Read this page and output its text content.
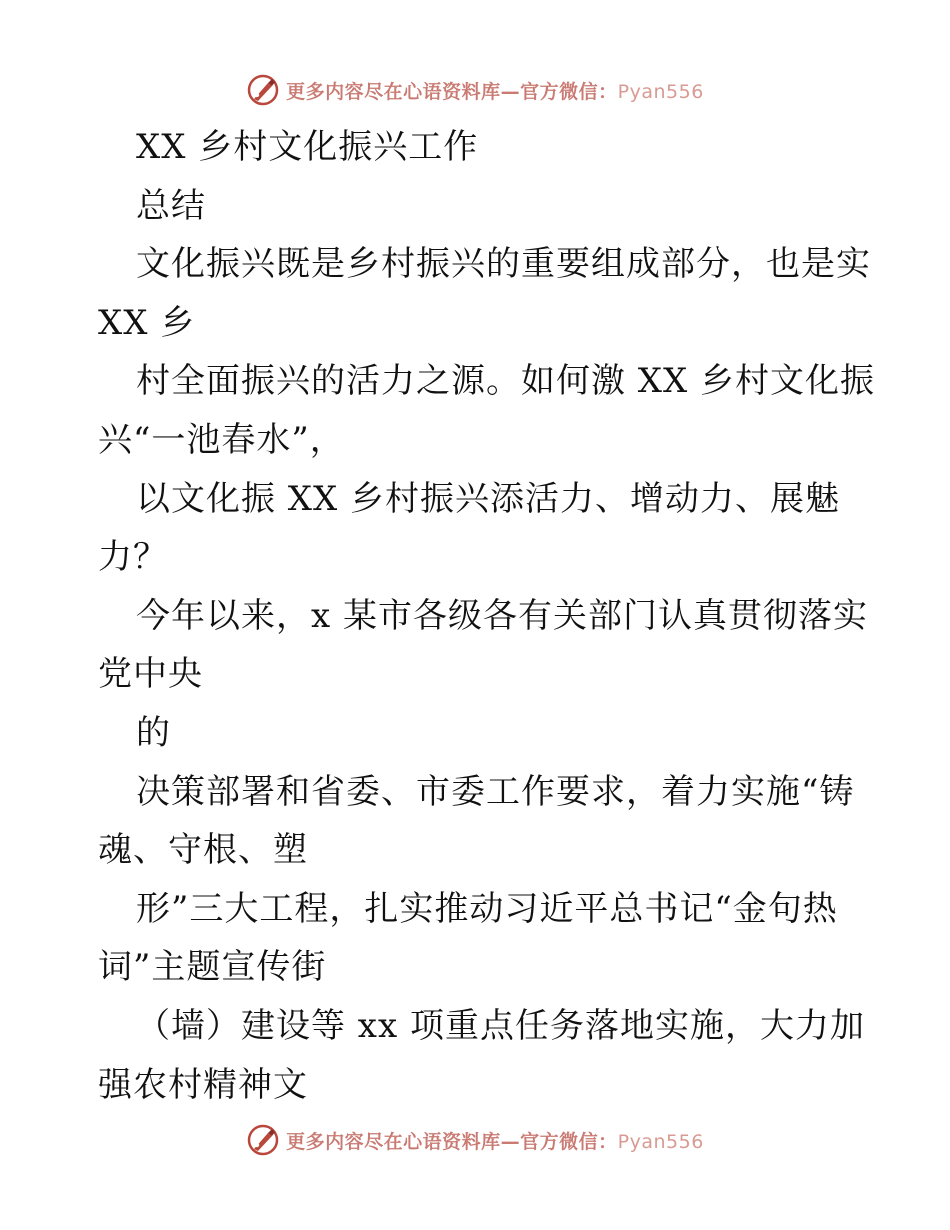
更多内容尽在心语资料库—官方微信：Pyan556
XX 乡村文化振兴工作
总结
文化振兴既是乡村振兴的重要组成部分，也是实
XX 乡
村全面振兴的活力之源。如何激 XX 乡村文化振
兴“一池春水”，
以文化振 XX 乡村振兴添活力、增动力、展魅
力？
今年以来，x 某市各级各有关部门认真贯彻落实
党中央
的
决策部署和省委、市委工作要求，着力实施“铸
魂、守根、塑
形”三大工程，扎实推动习近平总书记“金句热
词”主题宣传街
（墙）建设等 xx 项重点任务落地实施，大力加
强农村精神文
更多内容尽在心语资料库—官方微信：Pyan556
